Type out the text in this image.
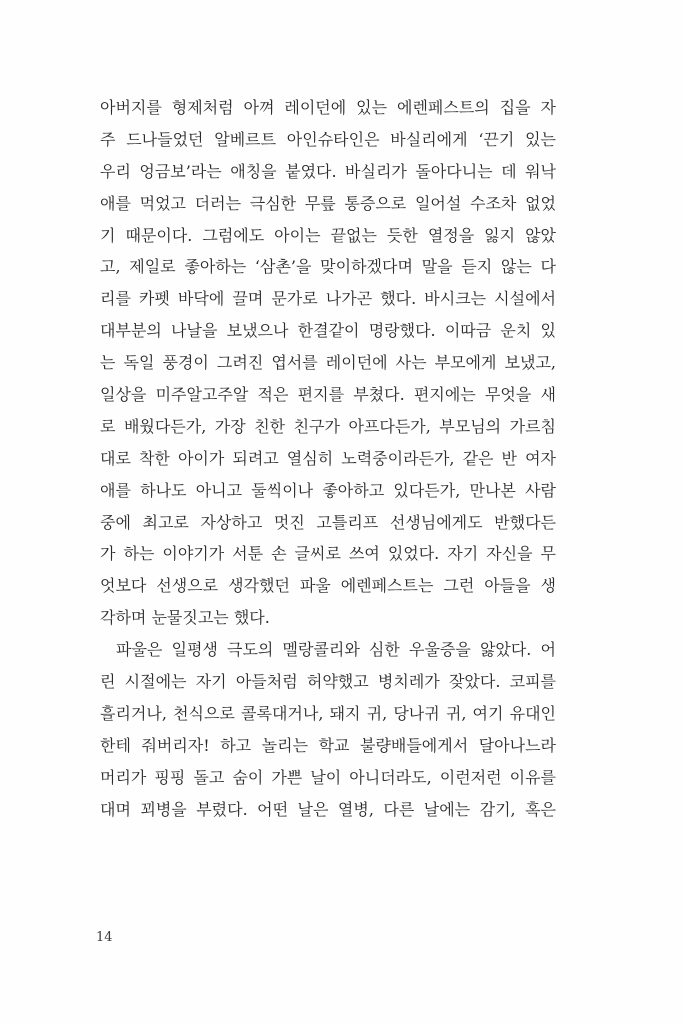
아버지를 형제처럼 아껴 레이던에 있는 에렌페스트의 집을 자
주 드나들었던 알베르트 아인슈타인은 바실리에게 ‘끈기 있는
우리 엉금보’라는 애칭을 붙였다. 바실리가 돌아다니는 데 워낙
애를 먹었고 더러는 극심한 무릎 통증으로 일어설 수조차 없었
기 때문이다. 그럼에도 아이는 끝없는 듯한 열정을 잃지 않았
고, 제일로 좋아하는 ‘삼촌’을 맞이하겠다며 말을 듣지 않는 다
리를 카펫 바닥에 끌며 문가로 나가곤 했다. 바시크는 시설에서
대부분의 나날을 보냈으나 한결같이 명랑했다. 이따금 운치 있
는 독일 풍경이 그려진 엽서를 레이던에 사는 부모에게 보냈고,
일상을 미주알고주알 적은 편지를 부쳤다. 편지에는 무엇을 새
로 배웠다든가, 가장 친한 친구가 아프다든가, 부모님의 가르침
대로 착한 아이가 되려고 열심히 노력중이라든가, 같은 반 여자
애를 하나도 아니고 둘씩이나 좋아하고 있다든가, 만나본 사람
중에 최고로 자상하고 멋진 고틀리프 선생님에게도 반했다든
가 하는 이야기가 서툰 손 글씨로 쓰여 있었다. 자기 자신을 무
엇보다 선생으로 생각했던 파울 에렌페스트는 그런 아들을 생
각하며 눈물짓고는 했다.
파울은 일평생 극도의 멜랑콜리와 심한 우울증을 앓았다. 어
린 시절에는 자기 아들처럼 허약했고 병치레가 잦았다. 코피를
흘리거나, 천식으로 콜록대거나, 돼지 귀, 당나귀 귀, 여기 유대인
한테 줘버리자! 하고 놀리는 학교 불량배들에게서 달아나느라
머리가 핑핑 돌고 숨이 가쁜 날이 아니더라도, 이런저런 이유를
대며 꾀병을 부렸다. 어떤 날은 열병, 다른 날에는 감기, 혹은
14
